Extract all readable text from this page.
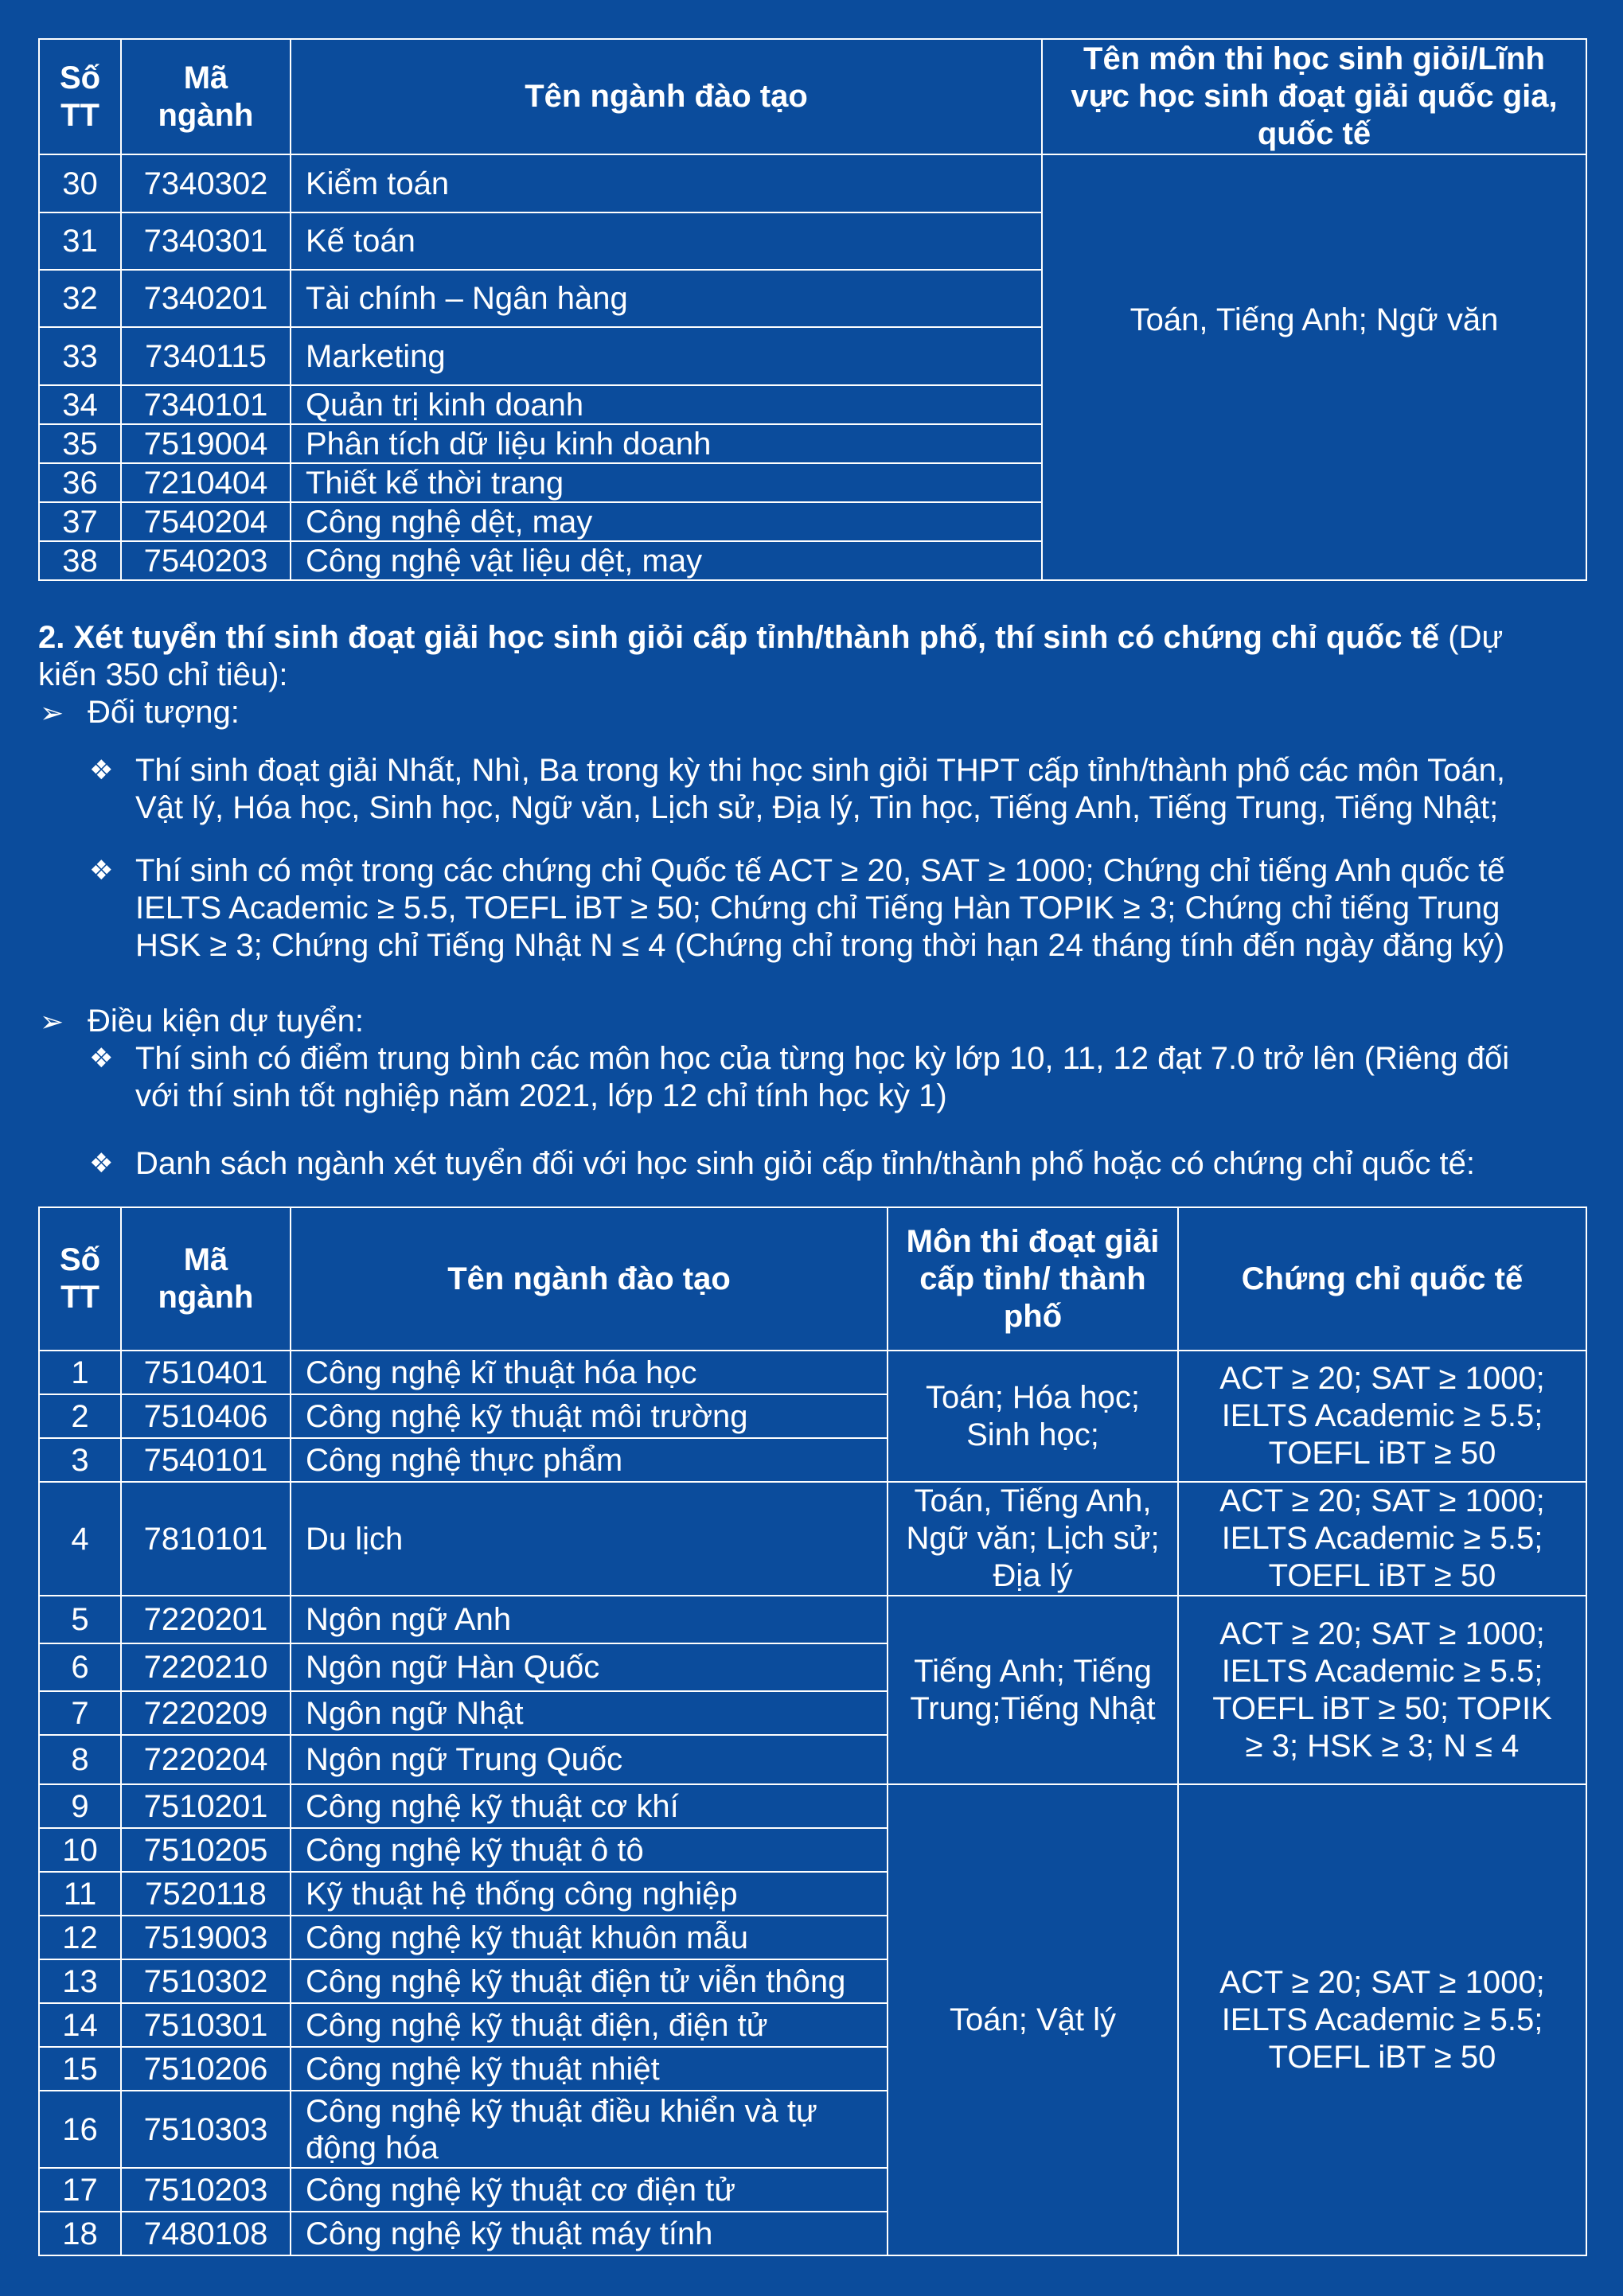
Số TT	Mã ngành	Tên ngành đào tạo	Tên môn thi học sinh giỏi/Lĩnh vực học sinh đoạt giải quốc gia, quốc tế
30	7340302	Kiểm toán	Toán, Tiếng Anh; Ngữ văn
31	7340301	Kế toán	
32	7340201	Tài chính – Ngân hàng	
33	7340115	Marketing	
34	7340101	Quản trị kinh doanh	
35	7519004	Phân tích dữ liệu kinh doanh	
36	7210404	Thiết kế thời trang	
37	7540204	Công nghệ dệt, may	
38	7540203	Công nghệ vật liệu dệt, may	
2. Xét tuyển thí sinh đoạt giải học sinh giỏi cấp tỉnh/thành phố, thí sinh có chứng chỉ quốc tế (Dự
kiến 350 chỉ tiêu):
➢ Đối tượng:
❖ Thí sinh đoạt giải Nhất, Nhì, Ba trong kỳ thi học sinh giỏi THPT cấp tỉnh/thành phố các môn Toán,
Vật lý, Hóa học, Sinh học, Ngữ văn, Lịch sử, Địa lý, Tin học, Tiếng Anh, Tiếng Trung, Tiếng Nhật;
❖ Thí sinh có một trong các chứng chỉ Quốc tế ACT ≥ 20, SAT ≥ 1000; Chứng chỉ tiếng Anh quốc tế
IELTS Academic ≥ 5.5, TOEFL iBT ≥ 50; Chứng chỉ Tiếng Hàn TOPIK ≥ 3; Chứng chỉ tiếng Trung
HSK ≥ 3; Chứng chỉ Tiếng Nhật N ≤ 4 (Chứng chỉ trong thời hạn 24 tháng tính đến ngày đăng ký)
➢ Điều kiện dự tuyển:
❖ Thí sinh có điểm trung bình các môn học của từng học kỳ lớp 10, 11, 12 đạt 7.0 trở lên (Riêng đối
với thí sinh tốt nghiệp năm 2021, lớp 12 chỉ tính học kỳ 1)
❖ Danh sách ngành xét tuyển đối với học sinh giỏi cấp tỉnh/thành phố hoặc có chứng chỉ quốc tế:
Số TT	Mã ngành	Tên ngành đào tạo	Môn thi đoạt giải cấp tỉnh/ thành phố	Chứng chỉ quốc tế
1	7510401	Công nghệ kĩ thuật hóa học	Toán; Hóa học; Sinh học;	ACT ≥ 20; SAT ≥ 1000; IELTS Academic ≥ 5.5; TOEFL iBT ≥ 50
2	7510406	Công nghệ kỹ thuật môi trường		
3	7540101	Công nghệ thực phẩm		
4	7810101	Du lịch	Toán, Tiếng Anh, Ngữ văn; Lịch sử; Địa lý	ACT ≥ 20; SAT ≥ 1000; IELTS Academic ≥ 5.5; TOEFL iBT ≥ 50
5	7220201	Ngôn ngữ Anh	Tiếng Anh; Tiếng Trung;Tiếng Nhật	ACT ≥ 20; SAT ≥ 1000; IELTS Academic ≥ 5.5; TOEFL iBT ≥ 50; TOPIK ≥ 3; HSK ≥ 3; N ≤ 4
6	7220210	Ngôn ngữ Hàn Quốc		
7	7220209	Ngôn ngữ Nhật		
8	7220204	Ngôn ngữ Trung Quốc		
9	7510201	Công nghệ kỹ thuật cơ khí	Toán; Vật lý	ACT ≥ 20; SAT ≥ 1000; IELTS Academic ≥ 5.5; TOEFL iBT ≥ 50
10	7510205	Công nghệ kỹ thuật ô tô		
11	7520118	Kỹ thuật hệ thống công nghiệp		
12	7519003	Công nghệ kỹ thuật khuôn mẫu		
13	7510302	Công nghệ kỹ thuật điện tử viễn thông		
14	7510301	Công nghệ kỹ thuật điện, điện tử		
15	7510206	Công nghệ kỹ thuật nhiệt		
16	7510303	Công nghệ kỹ thuật điều khiển và tự động hóa		
17	7510203	Công nghệ kỹ thuật cơ điện tử		
18	7480108	Công nghệ kỹ thuật máy tính		
